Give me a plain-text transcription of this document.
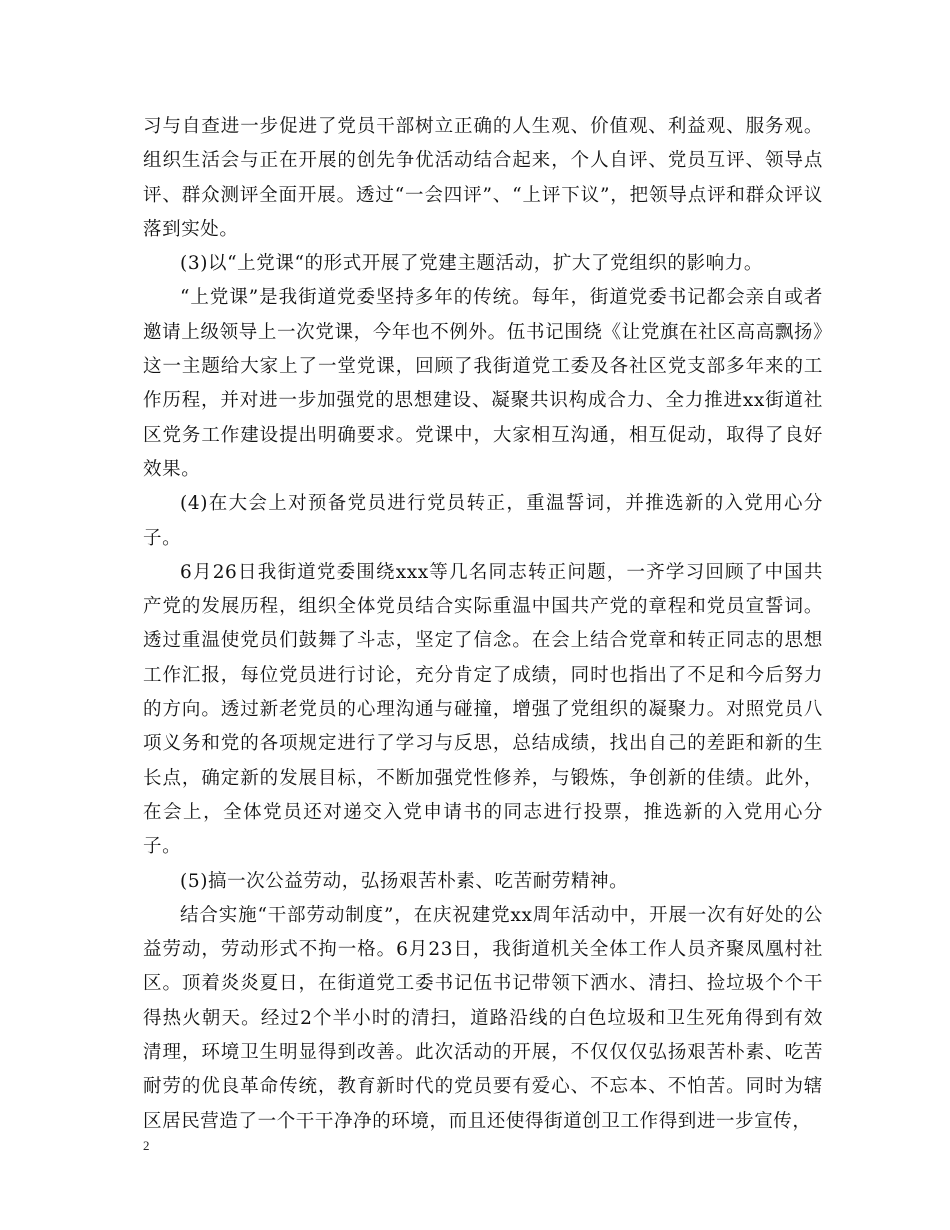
习与自查进一步促进了党员干部树立正确的人生观、价值观、利益观、服务观。组织生活会与正在开展的创先争优活动结合起来，个人自评、党员互评、领导点评、群众测评全面开展。透过“一会四评”、“上评下议”，把领导点评和群众评议落到实处。

(3)以“上党课“的形式开展了党建主题活动，扩大了党组织的影响力。

“上党课”是我街道党委坚持多年的传统。每年，街道党委书记都会亲自或者邀请上级领导上一次党课，今年也不例外。伍书记围绕《让党旗在社区高高飘扬》这一主题给大家上了一堂党课，回顾了我街道党工委及各社区党支部多年来的工作历程，并对进一步加强党的思想建设、凝聚共识构成合力、全力推进xx街道社区党务工作建设提出明确要求。党课中，大家相互沟通，相互促动，取得了良好效果。

(4)在大会上对预备党员进行党员转正，重温誓词，并推选新的入党用心分子。

6月26日我街道党委围绕xxx等几名同志转正问题，一齐学习回顾了中国共产党的发展历程，组织全体党员结合实际重温中国共产党的章程和党员宣誓词。透过重温使党员们鼓舞了斗志，坚定了信念。在会上结合党章和转正同志的思想工作汇报，每位党员进行讨论，充分肯定了成绩，同时也指出了不足和今后努力的方向。透过新老党员的心理沟通与碰撞，增强了党组织的凝聚力。对照党员八项义务和党的各项规定进行了学习与反思，总结成绩，找出自己的差距和新的生长点，确定新的发展目标，不断加强党性修养，与锻炼，争创新的佳绩。此外，在会上，全体党员还对递交入党申请书的同志进行投票，推选新的入党用心分子。

(5)搞一次公益劳动，弘扬艰苦朴素、吃苦耐劳精神。

结合实施“干部劳动制度”，在庆祝建党xx周年活动中，开展一次有好处的公益劳动，劳动形式不拘一格。6月23日，我街道机关全体工作人员齐聚凤凰村社区。顶着炎炎夏日，在街道党工委书记伍书记带领下洒水、清扫、捡垃圾个个干得热火朝天。经过2个半小时的清扫，道路沿线的白色垃圾和卫生死角得到有效清理，环境卫生明显得到改善。此次活动的开展，不仅仅仅弘扬艰苦朴素、吃苦耐劳的优良革命传统，教育新时代的党员要有爱心、不忘本、不怕苦。同时为辖区居民营造了一个干干净净的环境，而且还使得街道创卫工作得到进一步宣传，

2
